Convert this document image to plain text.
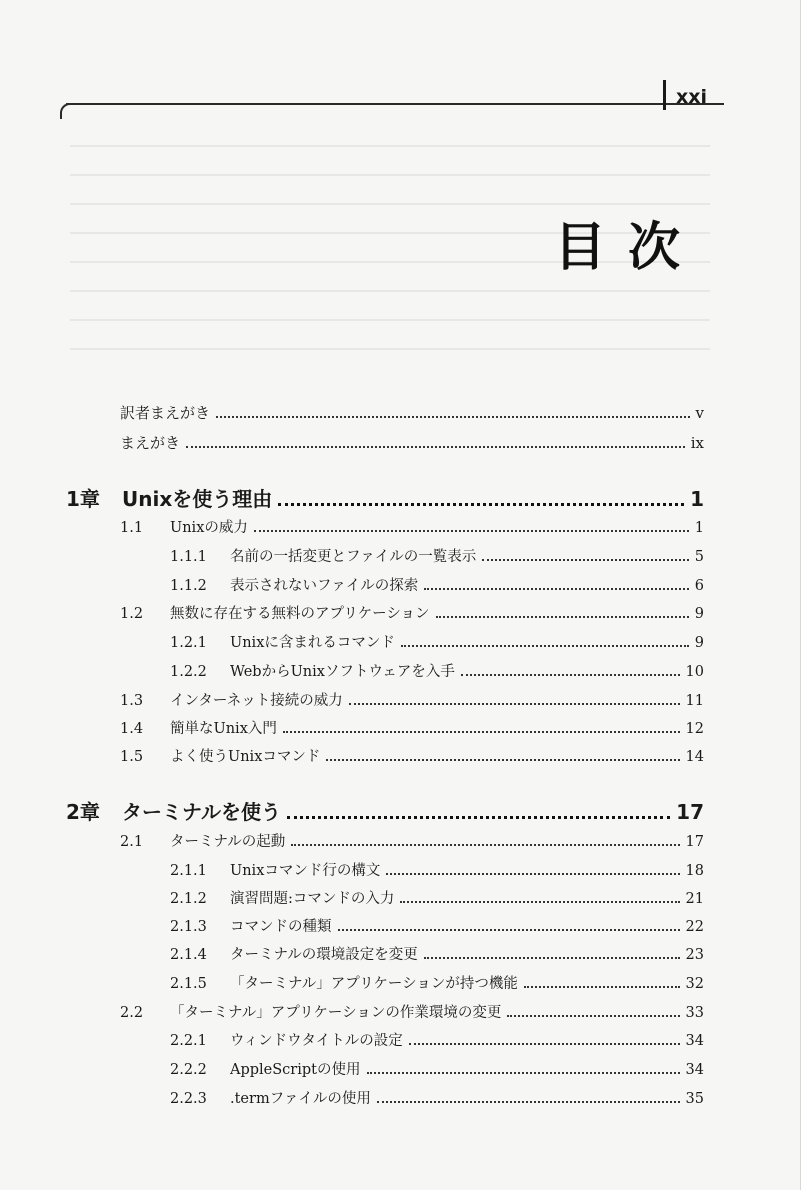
xxi
目次
訳者まえがき	v
まえがき	ix
1章	Unixを使う理由	1
1.1	Unixの威力	1
1.1.1	名前の一括変更とファイルの一覧表示	5
1.1.2	表示されないファイルの探索	6
1.2	無数に存在する無料のアプリケーション	9
1.2.1	Unixに含まれるコマンド	9
1.2.2	WebからUnixソフトウェアを入手	10
1.3	インターネット接続の威力	11
1.4	簡単なUnix入門	12
1.5	よく使うUnixコマンド	14
2章	ターミナルを使う	17
2.1	ターミナルの起動	17
2.1.1	Unixコマンド行の構文	18
2.1.2	演習問題:コマンドの入力	21
2.1.3	コマンドの種類	22
2.1.4	ターミナルの環境設定を変更	23
2.1.5	「ターミナル」アプリケーションが持つ機能	32
2.2	「ターミナル」アプリケーションの作業環境の変更	33
2.2.1	ウィンドウタイトルの設定	34
2.2.2	AppleScriptの使用	34
2.2.3	.termファイルの使用	35
